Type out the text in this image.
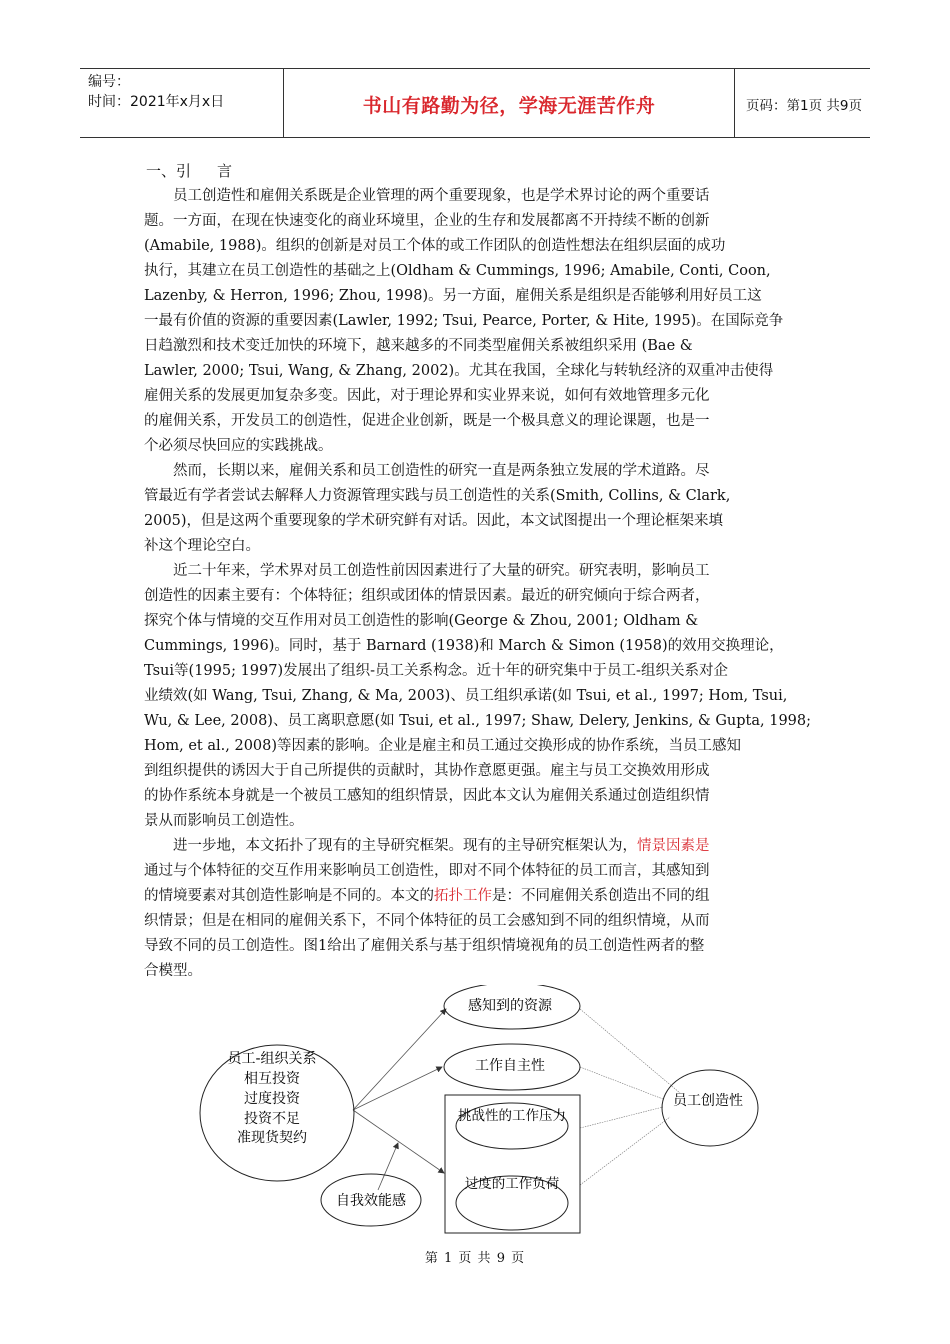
编号：
时间：2021年x月x日	书山有路勤为径，学海无涯苦作舟	页码：第1页 共9页
一、引 言
　　员工创造性和雇佣关系既是企业管理的两个重要现象，也是学术界讨论的两个重要话
题。一方面，在现在快速变化的商业环境里，企业的生存和发展都离不开持续不断的创新
(Amabile, 1988)。组织的创新是对员工个体的或工作团队的创造性想法在组织层面的成功
执行，其建立在员工创造性的基础之上(Oldham & Cummings, 1996; Amabile, Conti, Coon,
Lazenby, & Herron, 1996; Zhou, 1998)。另一方面，雇佣关系是组织是否能够利用好员工这
一最有价值的资源的重要因素(Lawler, 1992; Tsui, Pearce, Porter, & Hite, 1995)。在国际竞争
日趋激烈和技术变迁加快的环境下，越来越多的不同类型雇佣关系被组织采用 (Bae &
Lawler, 2000; Tsui, Wang, & Zhang, 2002)。尤其在我国，全球化与转轨经济的双重冲击使得
雇佣关系的发展更加复杂多变。因此，对于理论界和实业界来说，如何有效地管理多元化
的雇佣关系，开发员工的创造性，促进企业创新，既是一个极具意义的理论课题，也是一
个必须尽快回应的实践挑战。
　　然而，长期以来，雇佣关系和员工创造性的研究一直是两条独立发展的学术道路。尽
管最近有学者尝试去解释人力资源管理实践与员工创造性的关系(Smith, Collins, & Clark,
2005)，但是这两个重要现象的学术研究鲜有对话。因此，本文试图提出一个理论框架来填
补这个理论空白。
　　近二十年来，学术界对员工创造性前因因素进行了大量的研究。研究表明，影响员工
创造性的因素主要有：个体特征；组织或团体的情景因素。最近的研究倾向于综合两者，
探究个体与情境的交互作用对员工创造性的影响(George & Zhou, 2001; Oldham &
Cummings, 1996)。同时，基于 Barnard (1938)和 March & Simon (1958)的效用交换理论，
Tsui等(1995; 1997)发展出了组织-员工关系构念。近十年的研究集中于员工-组织关系对企
业绩效(如 Wang, Tsui, Zhang, & Ma, 2003)、员工组织承诺(如 Tsui, et al., 1997; Hom, Tsui,
Wu, & Lee, 2008)、员工离职意愿(如 Tsui, et al., 1997; Shaw, Delery, Jenkins, & Gupta, 1998;
Hom, et al., 2008)等因素的影响。企业是雇主和员工通过交换形成的协作系统，当员工感知
到组织提供的诱因大于自己所提供的贡献时，其协作意愿更强。雇主与员工交换效用形成
的协作系统本身就是一个被员工感知的组织情景，因此本文认为雇佣关系通过创造组织情
景从而影响员工创造性。
　　进一步地，本文拓扑了现有的主导研究框架。现有的主导研究框架认为，情景因素是
通过与个体特征的交互作用来影响员工创造性，即对不同个体特征的员工而言，其感知到
的情境要素对其创造性影响是不同的。本文的拓扑工作是：不同雇佣关系创造出不同的组
织情景；但是在相同的雇佣关系下，不同个体特征的员工会感知到不同的组织情境，从而
导致不同的员工创造性。图1给出了雇佣关系与基于组织情境视角的员工创造性两者的整
合模型。
员工-组织关系
相互投资
过度投资
投资不足
准现货契约
感知到的资源
工作自主性
挑战性的工作压力
过度的工作负荷
自我效能感
员工创造性
第 1 页 共 9 页
